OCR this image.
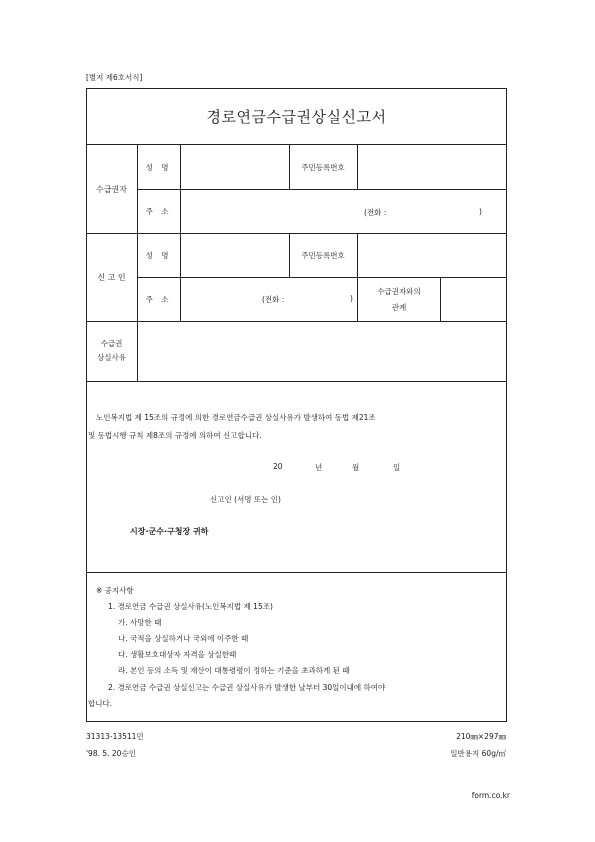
[별지 제6호서식]
경로연금수급권상실신고서
수급권자
성 명	주민등록번호
주 소	(전화 :	)
신 고 인
성 명	주민등록번호
주 소	(전화 :	)
수급권자와의
관계
수급권
상실사유
노인복지법 제 15조의 규정에 의한 경로연금수급권 상실사유가 발생하여 동법 제21조
및 동법시행 규칙 제8조의 규정에 의하여 신고합니다.
20	년	월	일
신고인 (서명 또는 인)
시장·군수·구청장 귀하
※ 공지사항
1. 경로연금 수급권 상실사유(노인복지법 제 15조)
가. 사망한 때
나. 국적을 상실하거나 국외에 이주한 때
다. 생활보호대상자 자격을 상실한때
라. 본인 등의 소득 및 재산이 대통령령이 정하는 기준을 초과하게 된 때
2. 경로연금 수급권 상실신고는 수급권 상실사유가 발생한 날부터 30일이내에 하여야
합니다.
31313-13511민
'98. 5. 20승인
210㎜×297㎜
일반용지 60g/㎡
form.co.kr
